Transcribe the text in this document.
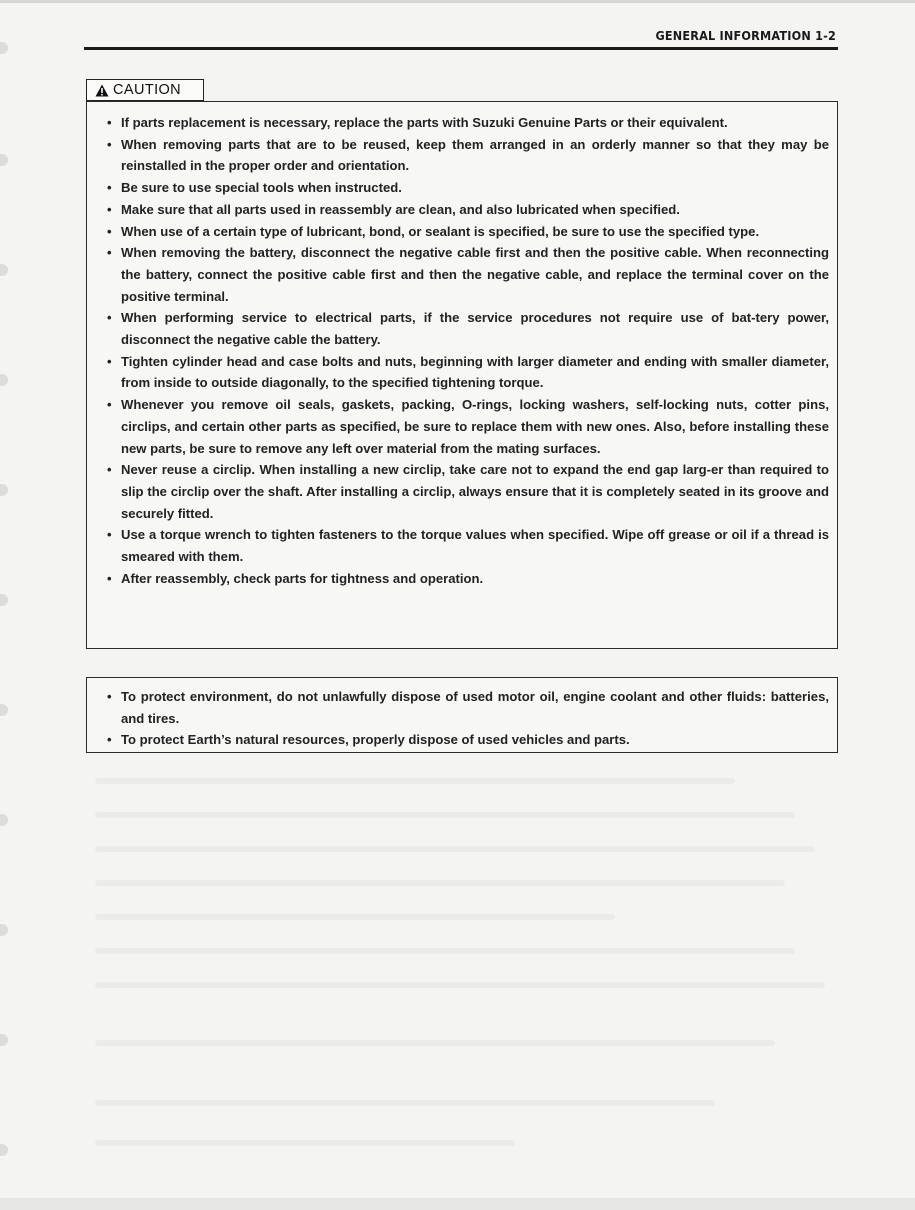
GENERAL INFORMATION 1-2
CAUTION
• If parts replacement is necessary, replace the parts with Suzuki Genuine Parts or their equivalent.
• When removing parts that are to be reused, keep them arranged in an orderly manner so that they may be reinstalled in the proper order and orientation.
• Be sure to use special tools when instructed.
• Make sure that all parts used in reassembly are clean, and also lubricated when specified.
• When use of a certain type of lubricant, bond, or sealant is specified, be sure to use the specified type.
• When removing the battery, disconnect the negative cable first and then the positive cable. When reconnecting the battery, connect the positive cable first and then the negative cable, and replace the terminal cover on the positive terminal.
• When performing service to electrical parts, if the service procedures not require use of bat-tery power, disconnect the negative cable the battery.
• Tighten cylinder head and case bolts and nuts, beginning with larger diameter and ending with smaller diameter, from inside to outside diagonally, to the specified tightening torque.
• Whenever you remove oil seals, gaskets, packing, O-rings, locking washers, self-locking nuts, cotter pins, circlips, and certain other parts as specified, be sure to replace them with new ones. Also, before installing these new parts, be sure to remove any left over material from the mating surfaces.
• Never reuse a circlip. When installing a new circlip, take care not to expand the end gap larg-er than required to slip the circlip over the shaft. After installing a circlip, always ensure that it is completely seated in its groove and securely fitted.
• Use a torque wrench to tighten fasteners to the torque values when specified. Wipe off grease or oil if a thread is smeared with them.
• After reassembly, check parts for tightness and operation.
• To protect environment, do not unlawfully dispose of used motor oil, engine coolant and other fluids: batteries, and tires.
• To protect Earth’s natural resources, properly dispose of used vehicles and parts.
